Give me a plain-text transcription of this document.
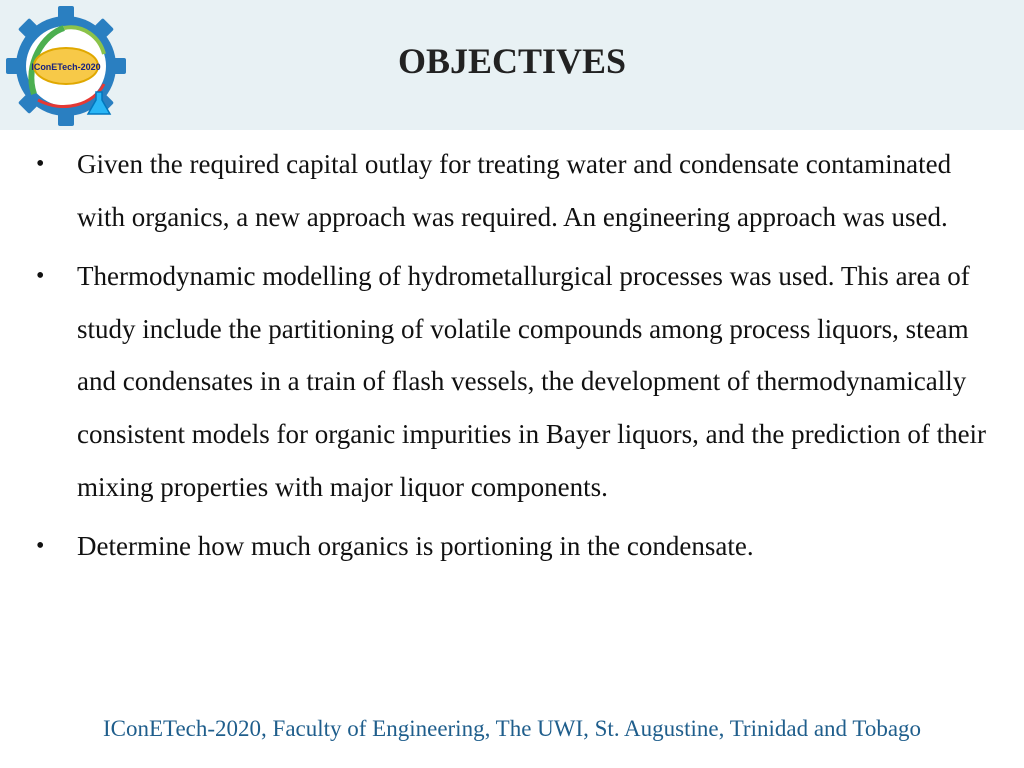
IConETech-2020	OBJECTIVES
• Given the required capital outlay for treating water and condensate contaminated with organics, a new approach was required. An engineering approach was used.
• Thermodynamic modelling of hydrometallurgical processes was used. This area of study include the partitioning of volatile compounds among process liquors, steam and condensates in a train of flash vessels, the development of thermodynamically consistent models for organic impurities in Bayer liquors, and the prediction of their mixing properties with major liquor components.
• Determine how much organics is portioning in the condensate.
IConETech-2020, Faculty of Engineering, The UWI, St. Augustine, Trinidad and Tobago
